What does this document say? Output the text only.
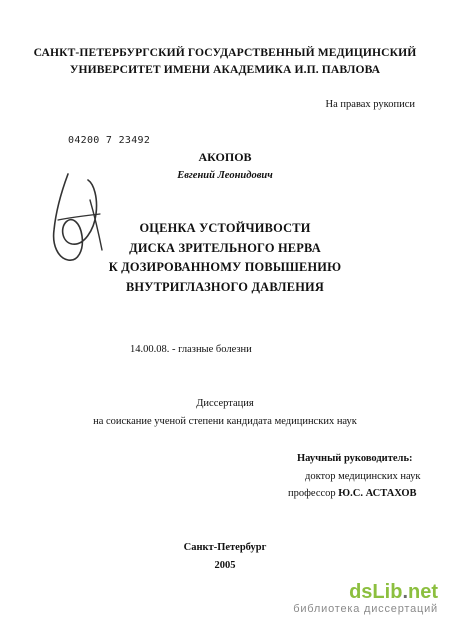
САНКТ-ПЕТЕРБУРГСКИЙ ГОСУДАРСТВЕННЫЙ МЕДИЦИНСКИЙ
УНИВЕРСИТЕТ ИМЕНИ АКАДЕМИКА И.П. ПАВЛОВА
На правах рукописи
04200 7 23492
АКОПОВ
Евгений Леонидович
ОЦЕНКА УСТОЙЧИВОСТИ
ДИСКА ЗРИТЕЛЬНОГО НЕРВА
К ДОЗИРОВАННОМУ ПОВЫШЕНИЮ
ВНУТРИГЛАЗНОГО ДАВЛЕНИЯ
14.00.08. - глазные болезни
Диссертация
на соискание ученой степени кандидата медицинских наук
Научный руководитель:
доктор медицинских наук
профессор Ю.С. АСТАХОВ
Санкт-Петербург
2005
dsLib.net
библиотека диссертаций
